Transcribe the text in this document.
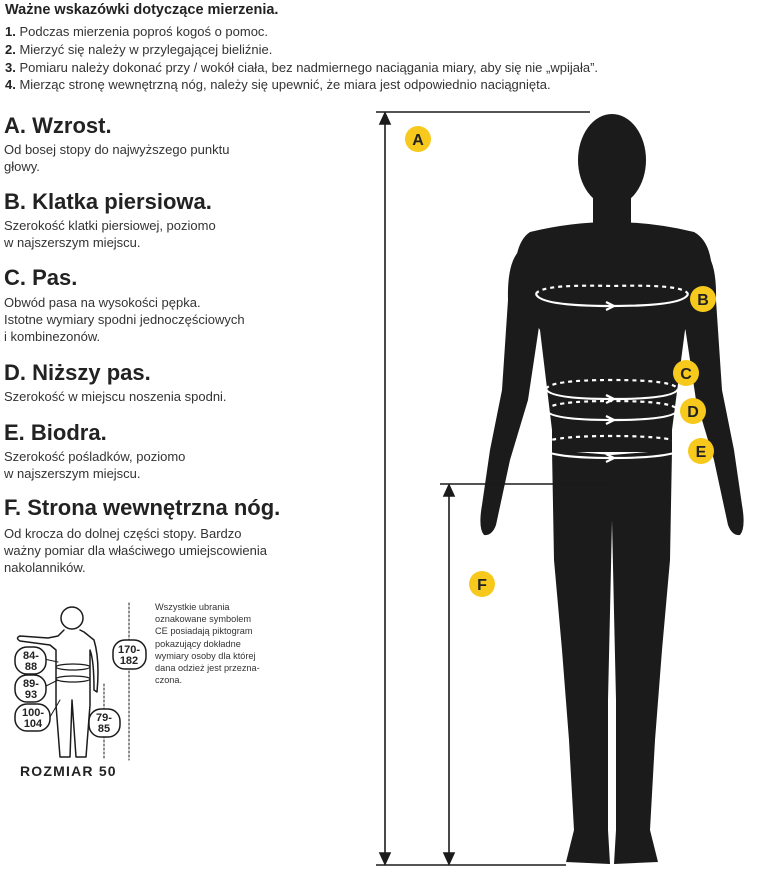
Ważne wskazówki dotyczące mierzenia.
1. Podczas mierzenia poproś kogoś o pomoc.
2. Mierzyć się należy w przylegającej bieliźnie.
3. Pomiaru należy dokonać przy / wokół ciała, bez nadmiernego naciągania miary, aby się nie „wpijała”.
4. Mierząc stronę wewnętrzną nóg, należy się upewnić, że miara jest odpowiednio naciągnięta.
A. Wzrost.
Od bosej stopy do najwyższego punktu
głowy.
B. Klatka piersiowa.
Szerokość klatki piersiowej, poziomo
w najszerszym miejscu.
C. Pas.
Obwód pasa na wysokości pępka.
Istotne wymiary spodni jednoczęściowych
i kombinezonów.
D. Niższy pas.
Szerokość w miejscu noszenia spodni.
E. Biodra.
Szerokość pośladków, poziomo
w najszerszym miejscu.
F. Strona wewnętrzna nóg.
Od krocza do dolnej części stopy. Bardzo
ważny pomiar dla właściwego umiejscowienia
nakolanników.
Wszystkie ubrania
oznakowane symbolem
CE posiadają piktogram
pokazujący dokładne
wymiary osoby dla której
dana odzież jest przezna-
czona.
ROZMIAR 50
A
B
C
D
E
F
84-
88
89-
93
100-
104
170-
182
79-
85
